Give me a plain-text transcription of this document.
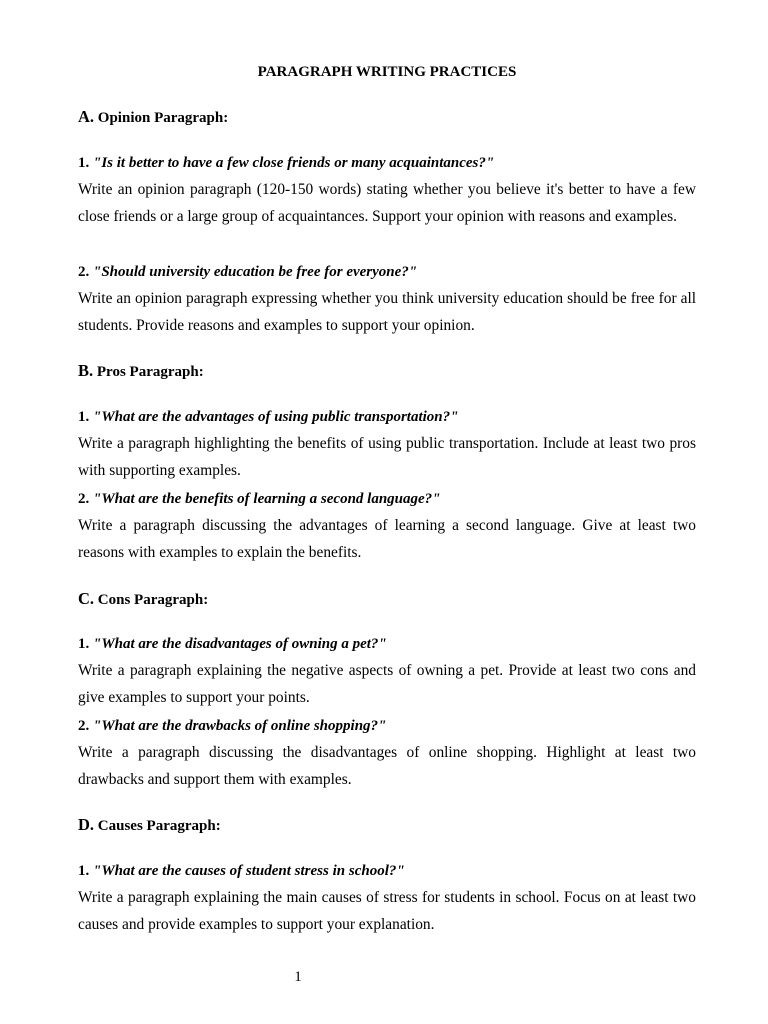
PARAGRAPH WRITING PRACTICES
A. Opinion Paragraph:
1. "Is it better to have a few close friends or many acquaintances?"
Write an opinion paragraph (120-150 words) stating whether you believe it's better to have a few close friends or a large group of acquaintances. Support your opinion with reasons and examples.
2. "Should university education be free for everyone?"
Write an opinion paragraph expressing whether you think university education should be free for all students. Provide reasons and examples to support your opinion.
B. Pros Paragraph:
1. "What are the advantages of using public transportation?"
Write a paragraph highlighting the benefits of using public transportation. Include at least two pros with supporting examples.
2. "What are the benefits of learning a second language?"
Write a paragraph discussing the advantages of learning a second language. Give at least two reasons with examples to explain the benefits.
C. Cons Paragraph:
1. "What are the disadvantages of owning a pet?"
Write a paragraph explaining the negative aspects of owning a pet. Provide at least two cons and give examples to support your points.
2. "What are the drawbacks of online shopping?"
Write a paragraph discussing the disadvantages of online shopping. Highlight at least two drawbacks and support them with examples.
D. Causes Paragraph:
1. "What are the causes of student stress in school?"
Write a paragraph explaining the main causes of stress for students in school. Focus on at least two causes and provide examples to support your explanation.
1
